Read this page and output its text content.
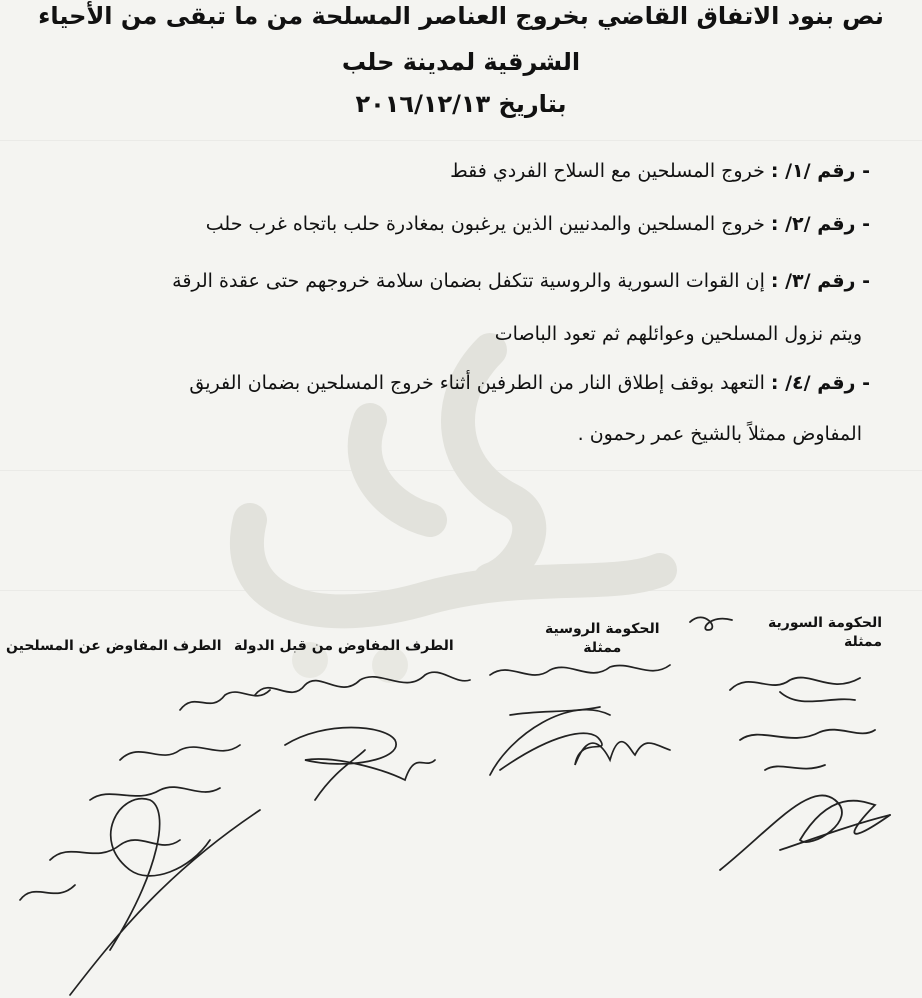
نص بنود الاتفاق القاضي بخروج العناصر المسلحة من ما تبقى من الأحياء
الشرقية لمدينة حلب
بتاريخ ٢٠١٦/١٢/١٣
- رقم /١/ : خروج المسلحين مع السلاح الفردي فقط
- رقم /٢/ : خروج المسلحين والمدنيين الذين يرغبون بمغادرة حلب باتجاه غرب حلب
- رقم /٣/ : إن القوات السورية والروسية تتكفل بضمان سلامة خروجهم حتى عقدة الرقة
ويتم نزول المسلحين وعوائلهم ثم تعود الباصات
- رقم /٤/ : التعهد بوقف إطلاق النار من الطرفين أثناء خروج المسلحين بضمان الفريق
المفاوض ممثلاً بالشيخ عمر رحمون .
الحكومة السورية
ممثلة
الحكومة الروسية
ممثلة
الطرف المفاوض من قبل الدولة
الطرف المفاوض عن المسلحين
